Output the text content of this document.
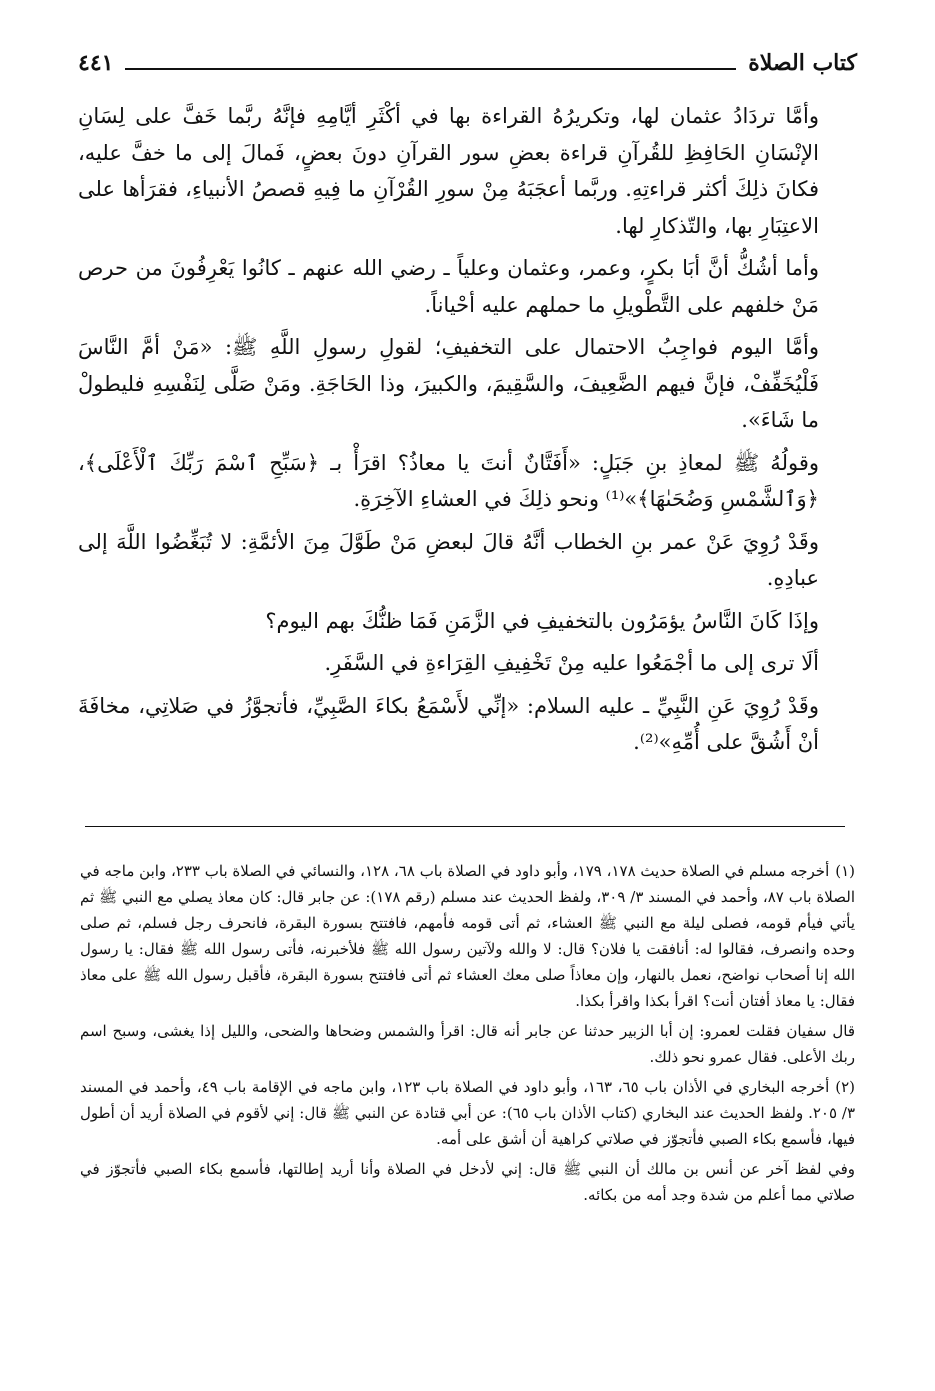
كتاب الصلاة
٤٤١

وأمَّا تردَادُ عثمان لها، وتكريرُهُ القراءة بها في أكْثَرِ أيَّامِهِ فإنَّهُ ربَّما خَفَّ على لِسَانِ الإنْسَانِ الحَافِظِ للقُرآنِ قراءة بعضِ سور القرآنِ دونَ بعضٍ، فَمالَ إلى ما خفَّ عليه، فكانَ ذلِكَ أكثر قراءتِهِ. وربَّما أعجَبَهُ مِنْ سورِ القُرْآنِ ما فِيهِ قصصُ الأنبياءِ، فقرَأها على الاعتِبَارِ بها، والتّذكارِ لها.

وأما أشُكُّ أنَّ أبَا بكرٍ، وعمر، وعثمان وعلياً ـ رضي الله عنهم ـ كانُوا يَعْرِفُونَ من حرص مَنْ خلفهم على التَّطْويلِ ما حملهم عليه أحْياناً.

وأمَّا اليوم فواجِبُ الاحتمال على التخفيفِ؛ لقولِ رسولِ اللَّهِ ﷺ: «مَنْ أمَّ النَّاسَ فَلْيُخَفِّفْ، فإنَّ فيهم الضَّعِيفَ، والسَّقِيمَ، والكبيرَ، وذا الحَاجَةِ. ومَنْ صَلَّى لِنَفْسِهِ فليطولْ ما شَاءَ».

وقولُهُ ﷺ لمعاذِ بنِ جَبَلٍ: «أَفَتَّانٌ أنتَ يا معاذُ؟ اقرَأْ بـ ﴿سَبِّحِ ٱسْمَ رَبِّكَ ٱلْأَعْلَى﴾، ﴿وَٱلشَّمْسِ وَضُحَىٰهَا﴾»⁽¹⁾ ونحو ذلِكَ في العشاءِ الآخِرَةِ.

وقَدْ رُوِيَ عَنْ عمر بنِ الخطاب أنَّهُ قالَ لبعضِ مَنْ طَوَّلَ مِنَ الأئمَّةِ: لا تُبَغِّضُوا اللَّهَ إلى عبادِهِ.

وإذَا كَانَ النَّاسُ يؤمَرُون بالتخفيفِ في الزَّمَنِ فَمَا ظنُّكَ بهم اليوم؟

ألَا ترى إلى ما أجْمَعُوا عليه مِنْ تَخْفِيفِ القِرَاءةِ في السَّفَرِ.

وقَدْ رُوِيَ عَنِ النَّبِيِّ ـ عليه السلام: «إنِّي لأَسْمَعُ بكاءَ الصَّبِيِّ، فأتجوَّزُ في صَلاتِي، مخافَةَ أنْ أَشُقَّ على أُمِّهِ»⁽²⁾.

(١)أخرجه مسلم في الصلاة حديث ١٧٨، ١٧٩، وأبو داود في الصلاة باب ٦٨، ١٢٨، والنسائي في الصلاة باب ٢٣٣، وابن ماجه في الصلاة باب ٨٧، وأحمد في المسند ٣/ ٣٠٩، ولفظ الحديث عند مسلم (رقم ١٧٨): عن جابر قال: كان معاذ يصلي مع النبي ﷺ ثم يأتي فيأم قومه، فصلى ليلة مع النبي ﷺ العشاء، ثم أتى قومه فأمهم، فافتتح بسورة البقرة، فانحرف رجل فسلم، ثم صلى وحده وانصرف، فقالوا له: أنافقت يا فلان؟ قال: لا والله ولآتين رسول الله ﷺ فلأخبرنه، فأتى رسول الله ﷺ فقال: يا رسول الله إنا أصحاب نواضح، نعمل بالنهار، وإن معاذاً صلى معك العشاء ثم أتى فافتتح بسورة البقرة، فأقبل رسول الله ﷺ على معاذ فقال: يا معاذ أفتان أنت؟ اقرأ بكذا واقرأ بكذا.

قال سفيان فقلت لعمرو: إن أبا الزبير حدثنا عن جابر أنه قال: اقرأ والشمس وضحاها والضحى، والليل إذا يغشى، وسبح اسم ربك الأعلى. فقال عمرو نحو ذلك.

(٢)أخرجه البخاري في الأذان باب ٦٥، ١٦٣، وأبو داود في الصلاة باب ١٢٣، وابن ماجه في الإقامة باب ٤٩، وأحمد في المسند ٣/ ٢٠٥. ولفظ الحديث عند البخاري (كتاب الأذان باب ٦٥): عن أبي قتادة عن النبي ﷺ قال: إني لأقوم في الصلاة أريد أن أطول فيها، فأسمع بكاء الصبي فأتجوّز في صلاتي كراهية أن أشق على أمه.

وفي لفظ آخر عن أنس بن مالك أن النبي ﷺ قال: إني لأدخل في الصلاة وأنا أريد إطالتها، فأسمع بكاء الصبي فأتجوّز في صلاتي مما أعلم من شدة وجد أمه من بكائه.
